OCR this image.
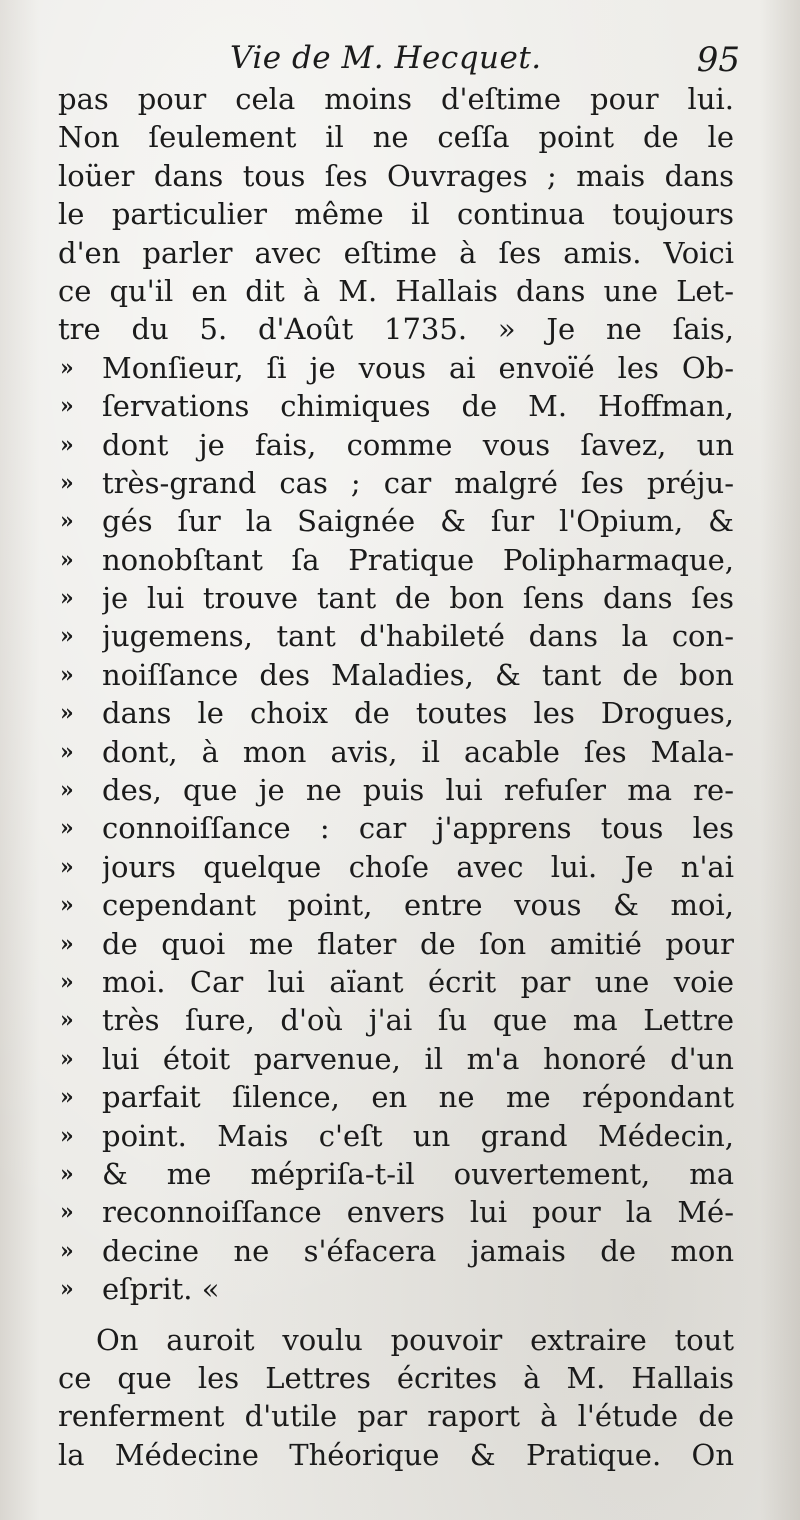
Vie de M. Hecquet.	95
pas pour cela moins d'eſtime pour lui.
Non ſeulement il ne ceſſa point de le
loüer dans tous ſes Ouvrages ; mais dans
le particulier même il continua toujours
d'en parler avec eſtime à ſes amis. Voici
ce qu'il en dit à M. Hallais dans une Let-
tre du 5. d'Août 1735. » Je ne ſais,
»	Monſieur, ſi je vous ai envoïé les Ob-
»	ſervations chimiques de M. Hoffman,
»	dont je fais, comme vous ſavez, un
»	très-grand cas ; car malgré ſes préju-
»	gés ſur la Saignée & ſur l'Opium, &
»	nonobſtant ſa Pratique Polipharmaque,
»	je lui trouve tant de bon ſens dans ſes
»	jugemens, tant d'habileté dans la con-
»	noiſſance des Maladies, & tant de bon
»	dans le choix de toutes les Drogues,
»	dont, à mon avis, il acable ſes Mala-
»	des, que je ne puis lui refuſer ma re-
»	connoiſſance : car j'apprens tous les
»	jours quelque choſe avec lui. Je n'ai
»	cependant point, entre vous & moi,
»	de quoi me flater de ſon amitié pour
»	moi. Car lui aïant écrit par une voie
»	très ſure, d'où j'ai ſu que ma Lettre
»	lui étoit parvenue, il m'a honoré d'un
»	parfait ſilence, en ne me répondant
»	point. Mais c'eſt un grand Médecin,
»	& me mépriſa-t-il ouvertement, ma
»	reconnoiſſance envers lui pour la Mé-
»	decine ne s'éfacera jamais de mon
»	eſprit. «
On auroit voulu pouvoir extraire tout
ce que les Lettres écrites à M. Hallais
renferment d'utile par raport à l'étude de
la Médecine Théorique & Pratique. On
